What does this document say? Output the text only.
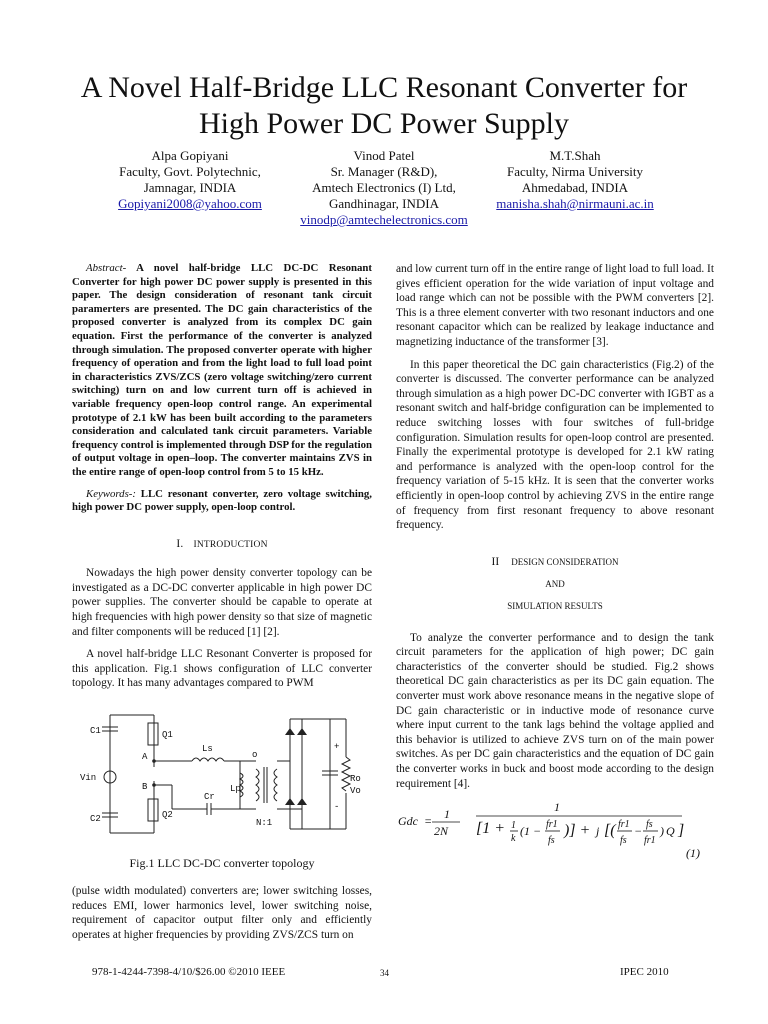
A Novel Half-Bridge LLC Resonant Converter for
High Power DC Power Supply
Alpa Gopiyani
Faculty, Govt. Polytechnic,
Jamnagar, INDIA
Gopiyani2008@yahoo.com
Vinod Patel
Sr. Manager (R&D),
Amtech Electronics (I) Ltd,
Gandhinagar, INDIA
vinodp@amtechelectronics.com
M.T.Shah
Faculty, Nirma University
Ahmedabad, INDIA
manisha.shah@nirmauni.ac.in

Abstract- A novel half-bridge LLC DC-DC Resonant Converter for high power DC power supply is presented in this paper. The design consideration of resonant tank circuit paramerters are presented. The DC gain characteristics of the proposed converter is analyzed from its complex DC gain equation. First the performance of the converter is analyzed through simulation. The proposed converter operate with higher frequency of operation and from the light load to full load point in characteristics ZVS/ZCS (zero voltage switching/zero current switching) turn on and low current turn off is achieved in variable frequency open-loop control range. An experimental prototype of 2.1 kW has been built according to the parameters consideration and calculated tank circuit parameters. Variable frequency control is implemented through DSP for the regulation of output voltage in open–loop. The converter maintains ZVS in the entire range of open-loop control from 5 to 15 kHz.

Keywords-: LLC resonant converter, zero voltage switching, high power DC power supply, open-loop control.

I. INTRODUCTION

Nowadays the high power density converter topology can be investigated as a DC-DC converter applicable in high power DC power supplies. The converter should be capable to operate at high frequencies with high power density so that size of magnetic and filter components will be reduced [1] [2].

A novel half-bridge LLC Resonant Converter is proposed for this application. Fig.1 shows configuration of LLC converter topology. It has many advantages compared to PWM

C1	Q1
Ls
A
Vin
B
Cr
Lp
C2	Q2
N:1
o
Ro
Vo
+
-
Fig.1 LLC DC-DC converter topology

(pulse width modulated) converters are; lower switching losses, reduces EMI, lower harmonics level, lower switching noise, requirement of capacitor output filter only and efficiently operates at higher frequencies by providing ZVS/ZCS turn on

and low current turn off in the entire range of light load to full load. It gives efficient operation for the wide variation of input voltage and load range which can not be possible with the PWM converters [2]. This is a three element converter with two resonant inductors and one resonant capacitor which can be realized by leakage inductance and magnetizing inductance of the transformer [3].

In this paper theoretical the DC gain characteristics (Fig.2) of the converter is discussed. The converter performance can be analyzed through simulation as a high power DC-DC converter with IGBT as a resonant switch and half-bridge configuration can be implemented to reduce switching losses with four switches of full-bridge configuration. Simulation results for open-loop control are presented. Finally the experimental prototype is developed for 2.1 kW rating and performance is analyzed with the open-loop control for the frequency variation of 5-15 kHz. It is seen that the converter works efficiently in open-loop control by achieving ZVS in the entire range of frequency from first resonant frequency to above resonant frequency.

II DESIGN CONSIDERATION
AND
SIMULATION RESULTS

To analyze the converter performance and to design the tank circuit parameters for the application of high power; DC gain characteristics of the converter should be studied. Fig.2 shows theoretical DC gain characteristics as per its DC gain equation. The converter must work above resonance means in the negative slope of DC gain characteristic or in inductive mode of resonance curve where input current to the tank lags behind the voltage applied and this behavior is utilized to achieve ZVS turn on of the main power switches. As per DC gain characteristics and the equation of DC gain the converter works in buck and boost mode according to the design requirement [4].

Gdc = 1
2N
1
[1 + 1
k
(1 − fr1
fs
)] + j [( fr1
fs
− fs
fr1
) Q ]
(1)
978-1-4244-7398-4/10/$26.00 ©2010 IEEE	34	IPEC 2010
